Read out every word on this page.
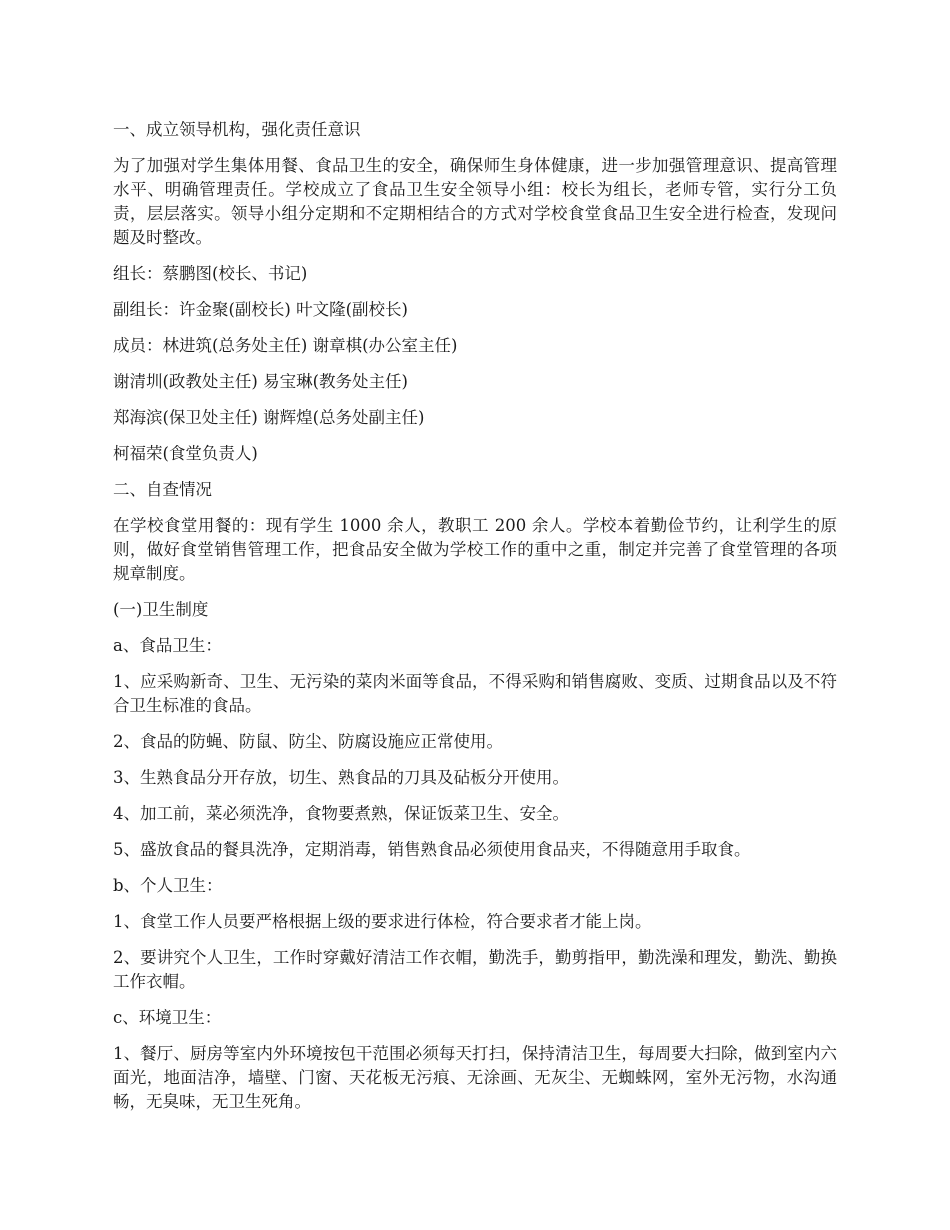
一、成立领导机构，强化责任意识

为了加强对学生集体用餐、食品卫生的安全，确保师生身体健康，进一步加强管理意识、提高管理水平、明确管理责任。学校成立了食品卫生安全领导小组：校长为组长，老师专管，实行分工负责，层层落实。领导小组分定期和不定期相结合的方式对学校食堂食品卫生安全进行检查，发现问题及时整改。

组长：蔡鹏图(校长、书记)

副组长：许金聚(副校长) 叶文隆(副校长)

成员：林进筑(总务处主任) 谢章棋(办公室主任)

谢清圳(政教处主任) 易宝琳(教务处主任)

郑海滨(保卫处主任) 谢辉煌(总务处副主任)

柯福荣(食堂负责人)

二、自查情况

在学校食堂用餐的：现有学生 1000 余人，教职工 200 余人。学校本着勤俭节约，让利学生的原则，做好食堂销售管理工作，把食品安全做为学校工作的重中之重，制定并完善了食堂管理的各项规章制度。

(一)卫生制度

a、食品卫生：

1、应采购新奇、卫生、无污染的菜肉米面等食品，不得采购和销售腐败、变质、过期食品以及不符合卫生标准的食品。

2、食品的防蝇、防鼠、防尘、防腐设施应正常使用。

3、生熟食品分开存放，切生、熟食品的刀具及砧板分开使用。

4、加工前，菜必须洗净，食物要煮熟，保证饭菜卫生、安全。

5、盛放食品的餐具洗净，定期消毒，销售熟食品必须使用食品夹，不得随意用手取食。

b、个人卫生：

1、食堂工作人员要严格根据上级的要求进行体检，符合要求者才能上岗。

2、要讲究个人卫生，工作时穿戴好清洁工作衣帽，勤洗手，勤剪指甲，勤洗澡和理发，勤洗、勤换工作衣帽。

c、环境卫生：

1、餐厅、厨房等室内外环境按包干范围必须每天打扫，保持清洁卫生，每周要大扫除，做到室内六面光，地面洁净，墙壁、门窗、天花板无污痕、无涂画、无灰尘、无蜘蛛网，室外无污物，水沟通畅，无臭味，无卫生死角。
